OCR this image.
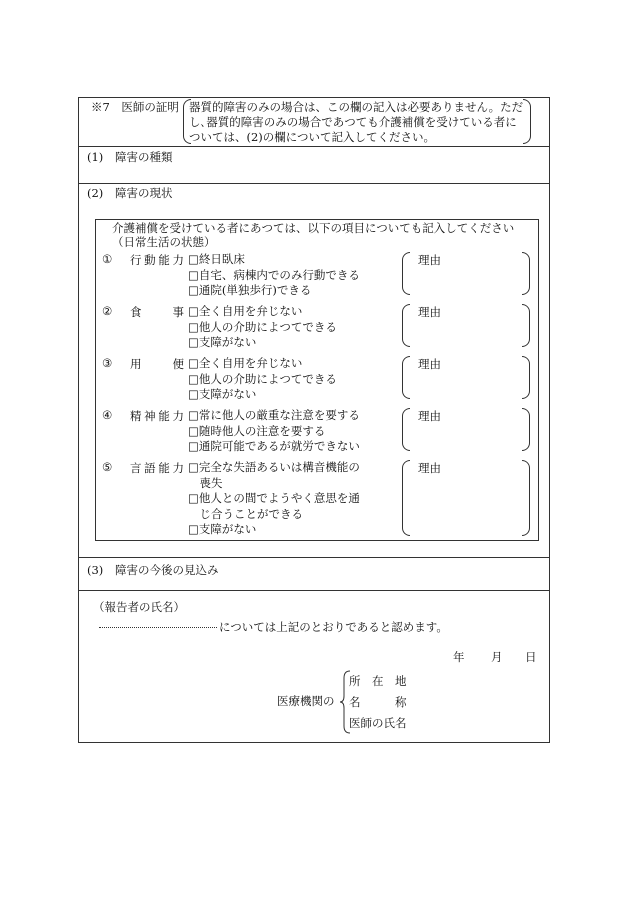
※7　医師の証明 器質的障害のみの場合は、この欄の記入は必要ありません。ただし､器質的障害のみの場合であつても介護補償を受けている者については、(2)の欄について記入してください。
(1) 障害の種類
(2) 障害の現状
介護補償を受けている者にあつては、以下の項目についても記入してください
（日常生活の状態）
① 行動能力 □終日臥床
□自宅、病棟内でのみ行動できる
□通院(単独歩行)できる
理由
② 食事 □全く自用を弁じない
□他人の介助によつてできる
□支障がない
理由
③ 用便 □全く自用を弁じない
□他人の介助によつてできる
□支障がない
理由
④ 精神能力 □常に他人の厳重な注意を要する
□随時他人の注意を要する
□通院可能であるが就労できない
理由
⑤ 言語能力 □完全な失語あるいは構音機能の
　喪失
□他人との間でようやく意思を通
　じ合うことができる
□支障がない
理由
(3) 障害の今後の見込み
（報告者の氏名）
については上記のとおりであると認めます。
年 月 日
医療機関の
所　在　地
名　　　称
医師の氏名
